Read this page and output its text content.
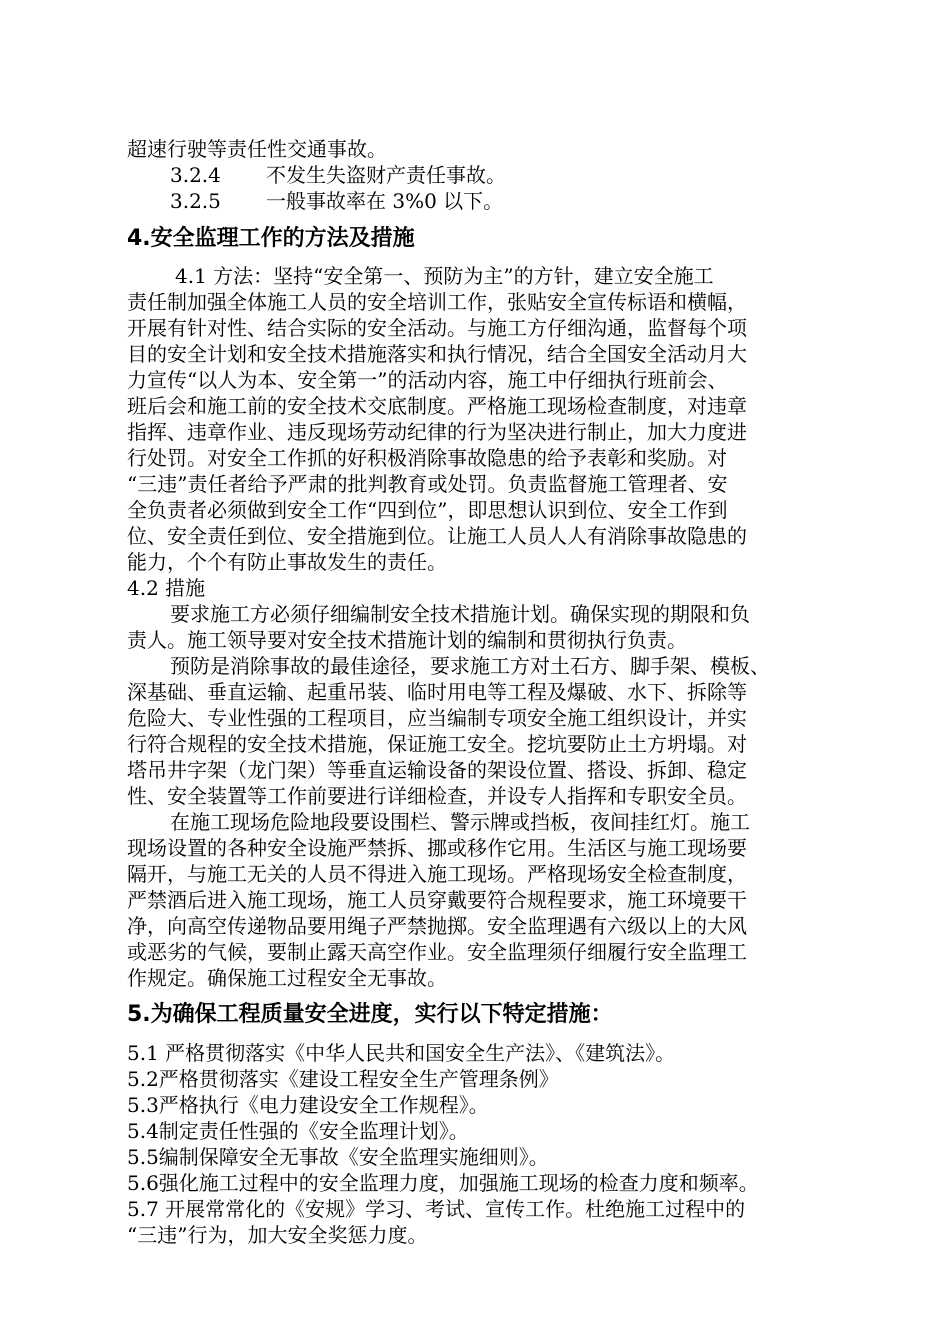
超速行驶等责任性交通事故。
3.2.4 不发生失盗财产责任事故。
3.2.5 一般事故率在 3%0 以下。
4.安全监理工作的方法及措施
4.1 方法：坚持“安全第一、预防为主”的方针，建立安全施工
责任制加强全体施工人员的安全培训工作，张贴安全宣传标语和横幅，
开展有针对性、结合实际的安全活动。与施工方仔细沟通，监督每个项
目的安全计划和安全技术措施落实和执行情况，结合全国安全活动月大
力宣传“以人为本、安全第一”的活动内容，施工中仔细执行班前会、
班后会和施工前的安全技术交底制度。严格施工现场检查制度，对违章
指挥、违章作业、违反现场劳动纪律的行为坚决进行制止，加大力度进
行处罚。对安全工作抓的好积极消除事故隐患的给予表彰和奖励。对
“三违”责任者给予严肃的批判教育或处罚。负责监督施工管理者、安
全负责者必须做到安全工作“四到位”，即思想认识到位、安全工作到
位、安全责任到位、安全措施到位。让施工人员人人有消除事故隐患的
能力，个个有防止事故发生的责任。
4.2 措施
要求施工方必须仔细编制安全技术措施计划。确保实现的期限和负
责人。施工领导要对安全技术措施计划的编制和贯彻执行负责。
预防是消除事故的最佳途径，要求施工方对土石方、脚手架、模板、
深基础、垂直运输、起重吊装、临时用电等工程及爆破、水下、拆除等
危险大、专业性强的工程项目，应当编制专项安全施工组织设计，并实
行符合规程的安全技术措施，保证施工安全。挖坑要防止土方坍塌。对
塔吊井字架（龙门架）等垂直运输设备的架设位置、搭设、拆卸、稳定
性、安全装置等工作前要进行详细检查，并设专人指挥和专职安全员。
在施工现场危险地段要设围栏、警示牌或挡板，夜间挂红灯。施工
现场设置的各种安全设施严禁拆、挪或移作它用。生活区与施工现场要
隔开，与施工无关的人员不得进入施工现场。严格现场安全检查制度，
严禁酒后进入施工现场，施工人员穿戴要符合规程要求，施工环境要干
净，向高空传递物品要用绳子严禁抛掷。安全监理遇有六级以上的大风
或恶劣的气候，要制止露天高空作业。安全监理须仔细履行安全监理工
作规定。确保施工过程安全无事故。
5.为确保工程质量安全进度，实行以下特定措施：
5.1 严格贯彻落实《中华人民共和国安全生产法》、《建筑法》。
5.2严格贯彻落实《建设工程安全生产管理条例》
5.3严格执行《电力建设安全工作规程》。
5.4制定责任性强的《安全监理计划》。
5.5编制保障安全无事故《安全监理实施细则》。
5.6强化施工过程中的安全监理力度，加强施工现场的检查力度和频率。
5.7 开展常常化的《安规》学习、考试、宣传工作。杜绝施工过程中的
“三违”行为，加大安全奖惩力度。
